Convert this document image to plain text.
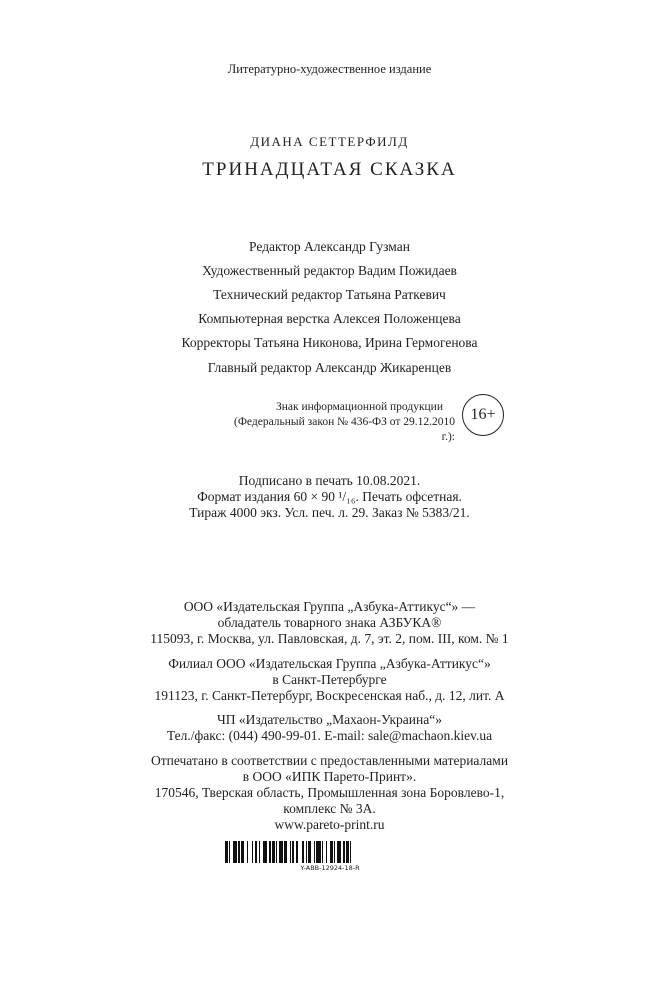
Литературно-художественное издание
ДИАНА СЕТТЕРФИЛД
ТРИНАДЦАТАЯ СКАЗКА
Редактор Александр Гузман
Художественный редактор Вадим Пожидаев
Технический редактор Татьяна Раткевич
Компьютерная верстка Алексея Положенцева
Корректоры Татьяна Никонова, Ирина Гермогенова
Главный редактор Александр Жикаренцев
Знак информационной продукции
(Федеральный закон № 436-ФЗ от 29.12.2010 г.):
16+
Подписано в печать 10.08.2021.
Формат издания 60 × 90 ¹/₁₆. Печать офсетная.
Тираж 4000 экз. Усл. печ. л. 29. Заказ № 5383/21.
ООО «Издательская Группа „Азбука-Аттикус“» —
обладатель товарного знака АЗБУКА®
115093, г. Москва, ул. Павловская, д. 7, эт. 2, пом. III, ком. № 1
Филиал ООО «Издательская Группа „Азбука-Аттикус“»
в Санкт-Петербурге
191123, г. Санкт-Петербург, Воскресенская наб., д. 12, лит. А
ЧП «Издательство „Махаон-Украина“»
Тел./факс: (044) 490-99-01. E-mail: sale@machaon.kiev.ua
Отпечатано в соответствии с предоставленными материалами
в ООО «ИПК Парето-Принт».
170546, Тверская область, Промышленная зона Боровлево-1,
комплекс № 3А.
www.pareto-print.ru
Y-ABB-12924-18-R
